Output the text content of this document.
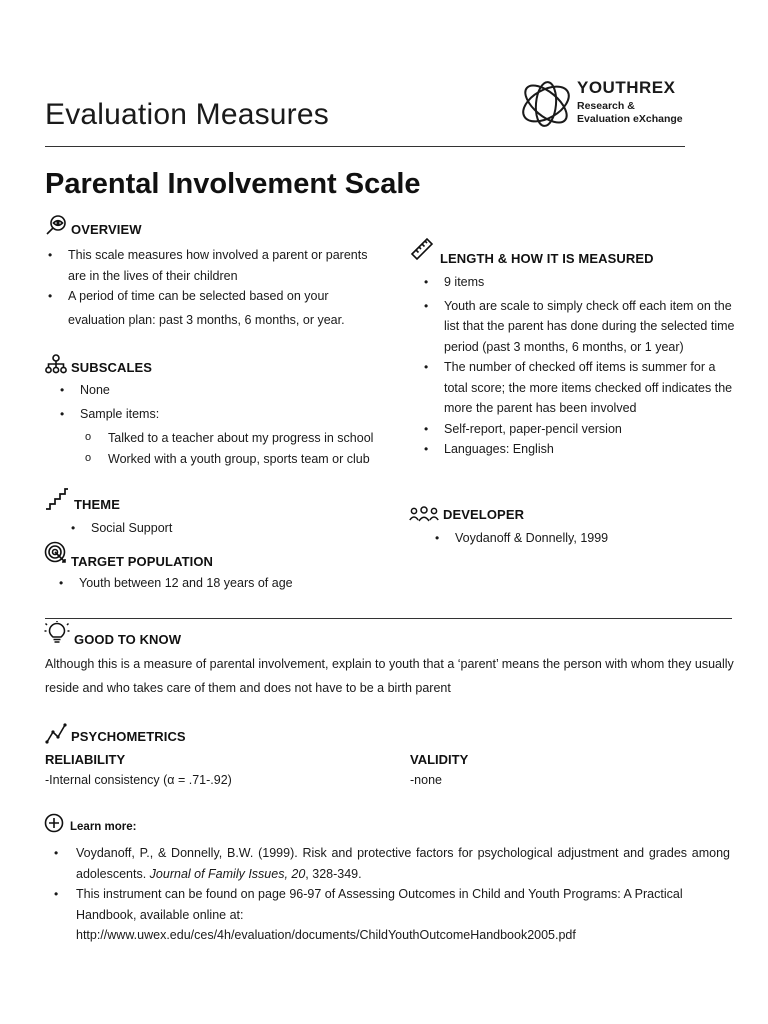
Evaluation Measures
YOUTHREX
Research &
Evaluation eXchange
Parental Involvement Scale
OVERVIEW
• This scale measures how involved a parent or parents
are in the lives of their children
• A period of time can be selected based on your
evaluation plan: past 3 months, 6 months, or year.
SUBSCALES
• None
• Sample items:
o Talked to a teacher about my progress in school
o Worked with a youth group, sports team or club
THEME
• Social Support
TARGET POPULATION
• Youth between 12 and 18 years of age
LENGTH & HOW IT IS MEASURED
• 9 items
• Youth are scale to simply check off each item on the
list that the parent has done during the selected time
period (past 3 months, 6 months, or 1 year)
• The number of checked off items is summer for a
total score; the more items checked off indicates the
more the parent has been involved
• Self-report, paper-pencil version
• Languages: English
DEVELOPER
• Voydanoff & Donnelly, 1999
GOOD TO KNOW
Although this is a measure of parental involvement, explain to youth that a ‘parent’ means the person with whom they usually
reside and who takes care of them and does not have to be a birth parent
PSYCHOMETRICS
RELIABILITY
-Internal consistency (α = .71-.92)
VALIDITY
-none
Learn more:
• Voydanoff, P., & Donnelly, B.W. (1999). Risk and protective factors for psychological adjustment and grades among adolescents. Journal of Family Issues, 20, 328-349.
• This instrument can be found on page 96-97 of Assessing Outcomes in Child and Youth Programs: A Practical Handbook, available online at: http://www.uwex.edu/ces/4h/evaluation/documents/ChildYouthOutcomeHandbook2005.pdf
